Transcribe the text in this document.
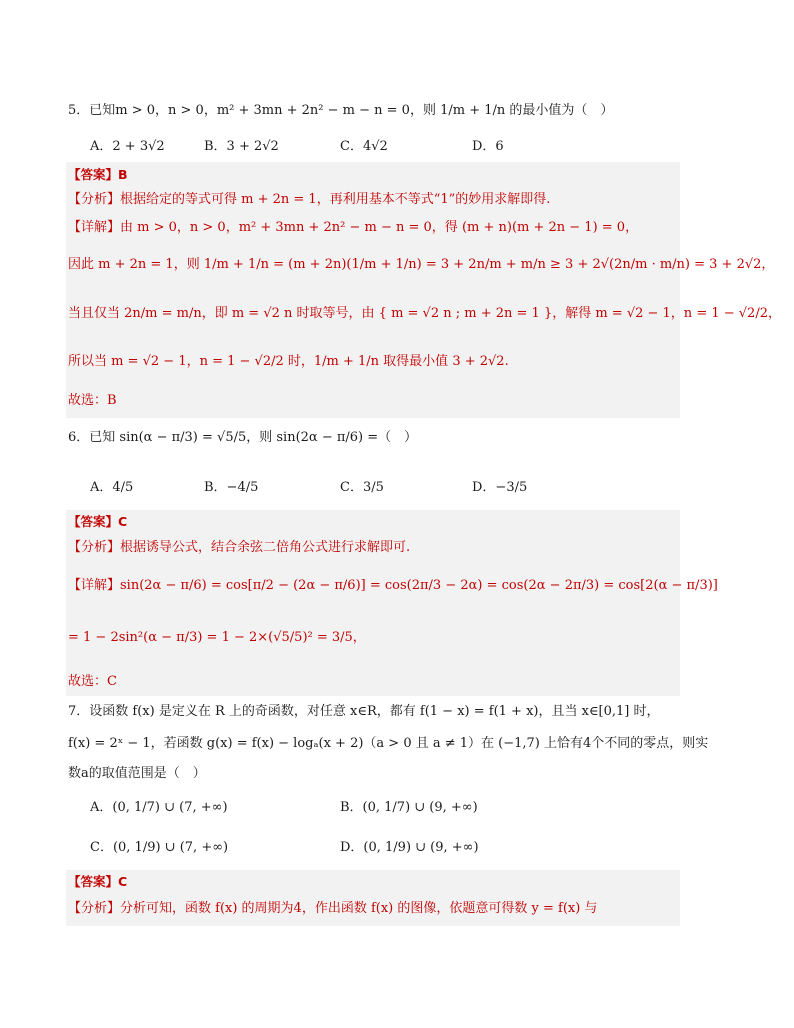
5．已知m > 0，n > 0，m² + 3mn + 2n² − m − n = 0，则 1/m + 1/n 的最小值为（　）
A．2 + 3√2	B．3 + 2√2	C．4√2	D．6
【答案】B
【分析】根据给定的等式可得 m + 2n = 1，再利用基本不等式“1”的妙用求解即得.
【详解】由 m > 0，n > 0，m² + 3mn + 2n² − m − n = 0，得 (m + n)(m + 2n − 1) = 0，
因此 m + 2n = 1，则 1/m + 1/n = (m + 2n)(1/m + 1/n) = 3 + 2n/m + m/n ≥ 3 + 2√(2n/m · m/n) = 3 + 2√2，
当且仅当 2n/m = m/n，即 m = √2 n 时取等号，由 { m = √2 n ; m + 2n = 1 }，解得 m = √2 − 1，n = 1 − √2/2，
所以当 m = √2 − 1，n = 1 − √2/2 时，1/m + 1/n 取得最小值 3 + 2√2.
故选：B
6．已知 sin(α − π/3) = √5/5，则 sin(2α − π/6) =（　）
A．4/5	B．−4/5	C．3/5	D．−3/5
【答案】C
【分析】根据诱导公式，结合余弦二倍角公式进行求解即可.
【详解】sin(2α − π/6) = cos[π/2 − (2α − π/6)] = cos(2π/3 − 2α) = cos(2α − 2π/3) = cos[2(α − π/3)]
= 1 − 2sin²(α − π/3) = 1 − 2×(√5/5)² = 3/5，
故选：C
7．设函数 f(x) 是定义在 R 上的奇函数，对任意 x∈R，都有 f(1 − x) = f(1 + x)，且当 x∈[0,1] 时，
f(x) = 2ˣ − 1，若函数 g(x) = f(x) − logₐ(x + 2)（a > 0 且 a ≠ 1）在 (−1,7) 上恰有4个不同的零点，则实
数a的取值范围是（　）
A．(0, 1/7) ∪ (7, +∞)	B．(0, 1/7) ∪ (9, +∞)
C．(0, 1/9) ∪ (7, +∞)	D．(0, 1/9) ∪ (9, +∞)
【答案】C
【分析】分析可知，函数 f(x) 的周期为4，作出函数 f(x) 的图像，依题意可得数 y = f(x) 与
